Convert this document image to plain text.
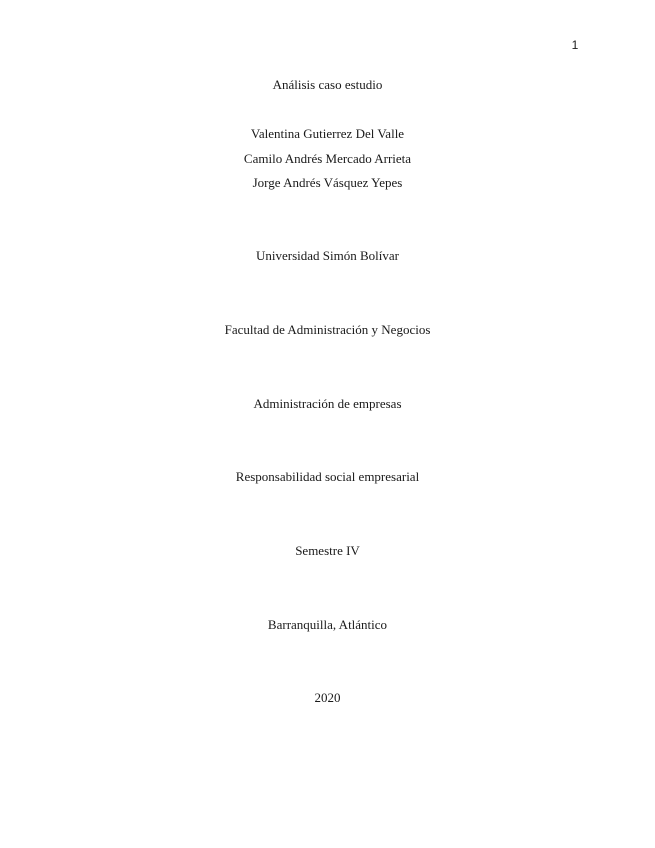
1
Análisis caso estudio
Valentina Gutierrez Del Valle
Camilo Andrés Mercado Arrieta
Jorge Andrés Vásquez Yepes
Universidad Simón Bolívar
Facultad de Administración y Negocios
Administración de empresas
Responsabilidad social empresarial
Semestre IV
Barranquilla, Atlántico
2020
